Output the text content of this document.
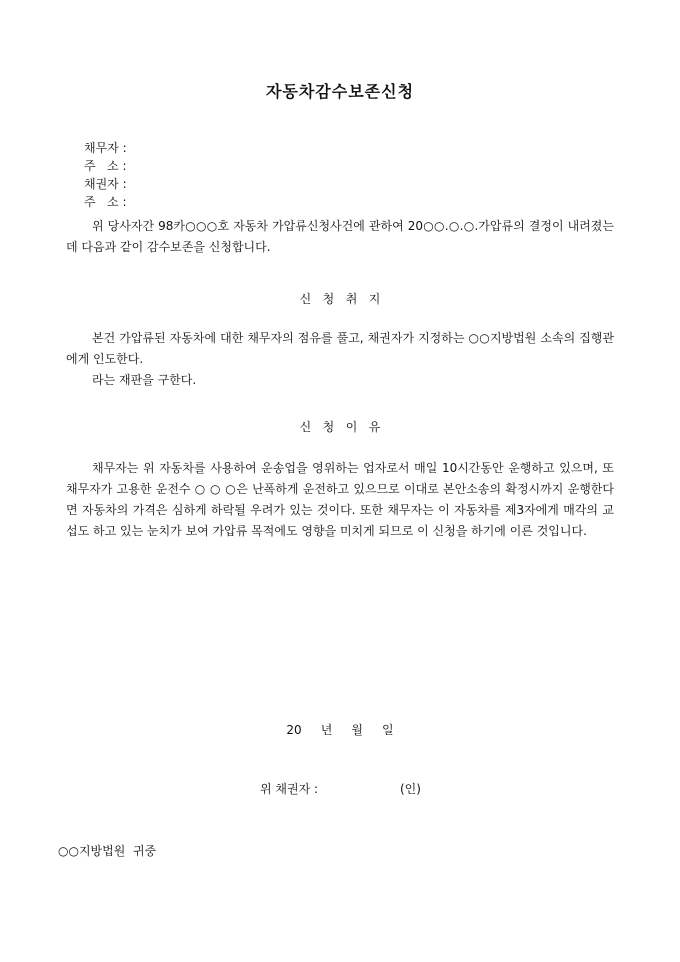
자동차감수보존신청
채무자 :
주   소 :
채권자 :
주   소 :
위 당사자간 98카○○○호 자동차 가압류신청사건에 관하여 20○○.○.○.가압류의 결정이 내려졌는데 다음과 같이 감수보존을 신청합니다.
신   청   취   지
본건 가압류된 자동차에 대한 채무자의 점유를 풀고, 채권자가 지정하는 ○○지방법원 소속의 집행관에게 인도한다.
라는 재판을 구한다.
신   청   이   유
채무자는 위 자동차를 사용하여 운송업을 영위하는 업자로서 매일 10시간동안 운행하고 있으며, 또 채무자가 고용한 운전수 ○ ○ ○은 난폭하게 운전하고 있으므로 이대로 본안소송의 확정시까지 운행한다면 자동차의 가격은 심하게 하락될 우려가 있는 것이다. 또한 채무자는 이 자동차를 제3자에게 매각의 교섭도 하고 있는 눈치가 보여 가압류 목적에도 영향을 미치게 되므로 이 신청을 하기에 이른 것입니다.
20     년     월     일
위 채권자 :	(인)
○○지방법원  귀중
